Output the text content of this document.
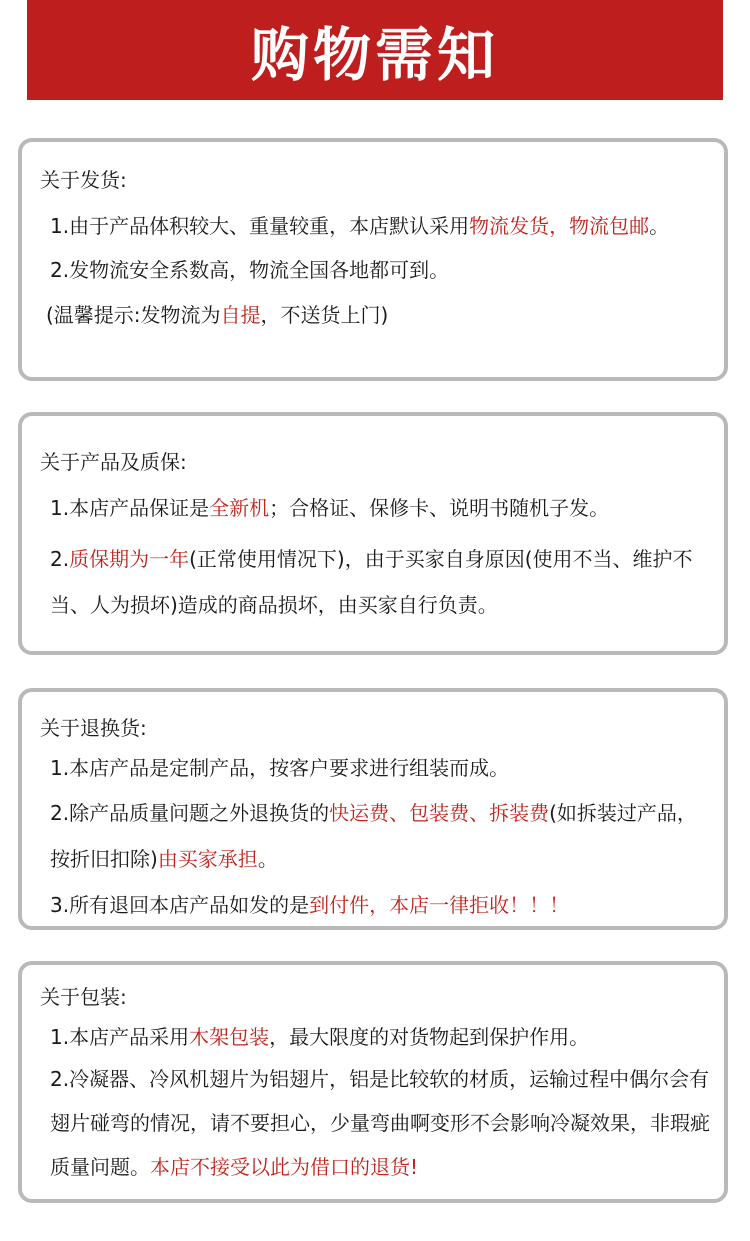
购物需知

关于发货:

1.由于产品体积较大、重量较重，本店默认采用物流发货，物流包邮。

2.发物流安全系数高，物流全国各地都可到。

(温馨提示:发物流为自提，不送货上门)

关于产品及质保:

1.本店产品保证是全新机；合格证、保修卡、说明书随机子发。

2.质保期为一年(正常使用情况下)，由于买家自身原因(使用不当、维护不当、人为损坏)造成的商品损坏，由买家自行负责。

关于退换货:

1.本店产品是定制产品，按客户要求进行组装而成。

2.除产品质量问题之外退换货的快运费、包装费、拆装费(如拆装过产品，按折旧扣除)由买家承担。

3.所有退回本店产品如发的是到付件，本店一律拒收！！！

关于包装:

1.本店产品采用木架包装，最大限度的对货物起到保护作用。

2.冷凝器、冷风机翅片为铝翅片，铝是比较软的材质，运输过程中偶尔会有翅片碰弯的情况，请不要担心，少量弯曲啊变形不会影响冷凝效果，非瑕疵质量问题。本店不接受以此为借口的退货!
